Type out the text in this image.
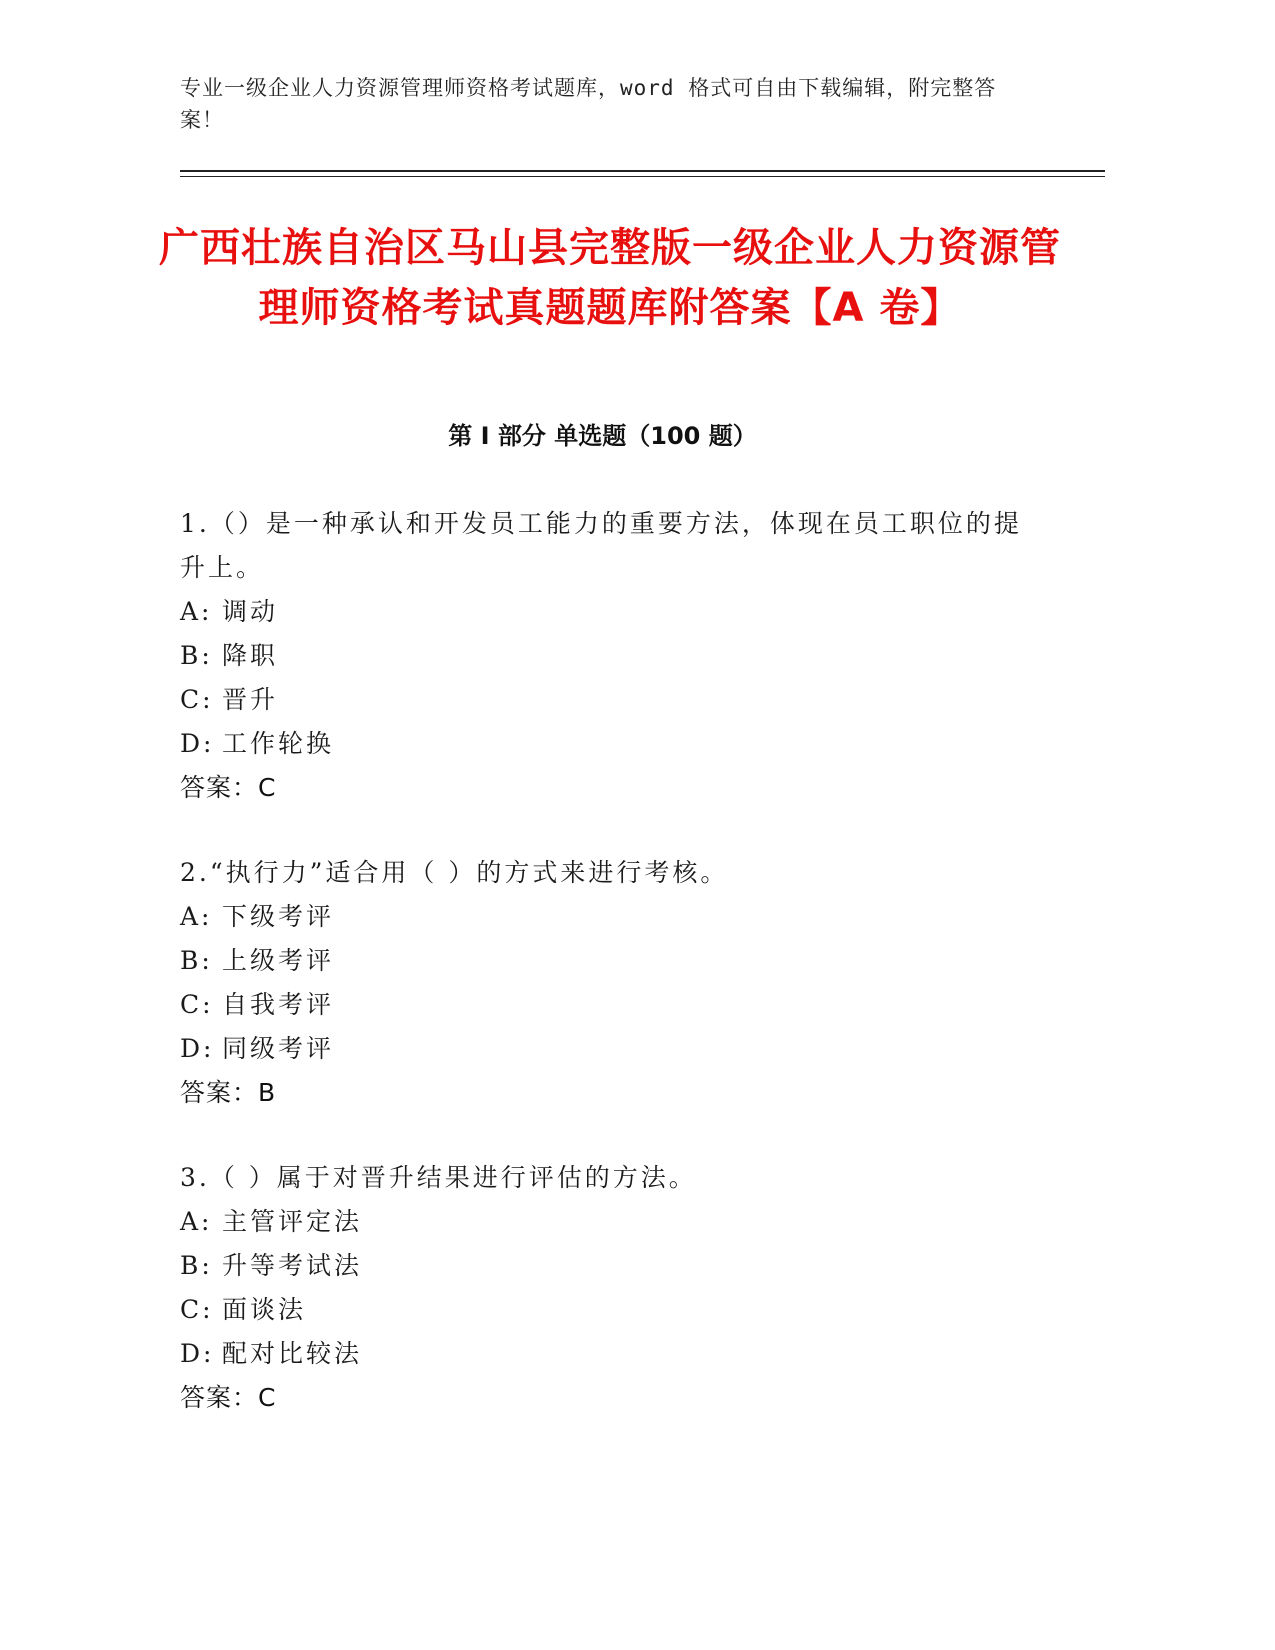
专业一级企业人力资源管理师资格考试题库，word 格式可自由下载编辑，附完整答案！
广西壮族自治区马山县完整版一级企业人力资源管理师资格考试真题题库附答案【A 卷】
第 I 部分 单选题（100 题）

1.（）是一种承认和开发员工能力的重要方法，体现在员工职位的提升上。

A: 调动

B: 降职

C: 晋升

D: 工作轮换

答案：C

2.“执行力”适合用（ ）的方式来进行考核。

A: 下级考评

B: 上级考评

C: 自我考评

D: 同级考评

答案：B

3.（ ）属于对晋升结果进行评估的方法。

A: 主管评定法

B: 升等考试法

C: 面谈法

D: 配对比较法

答案：C
